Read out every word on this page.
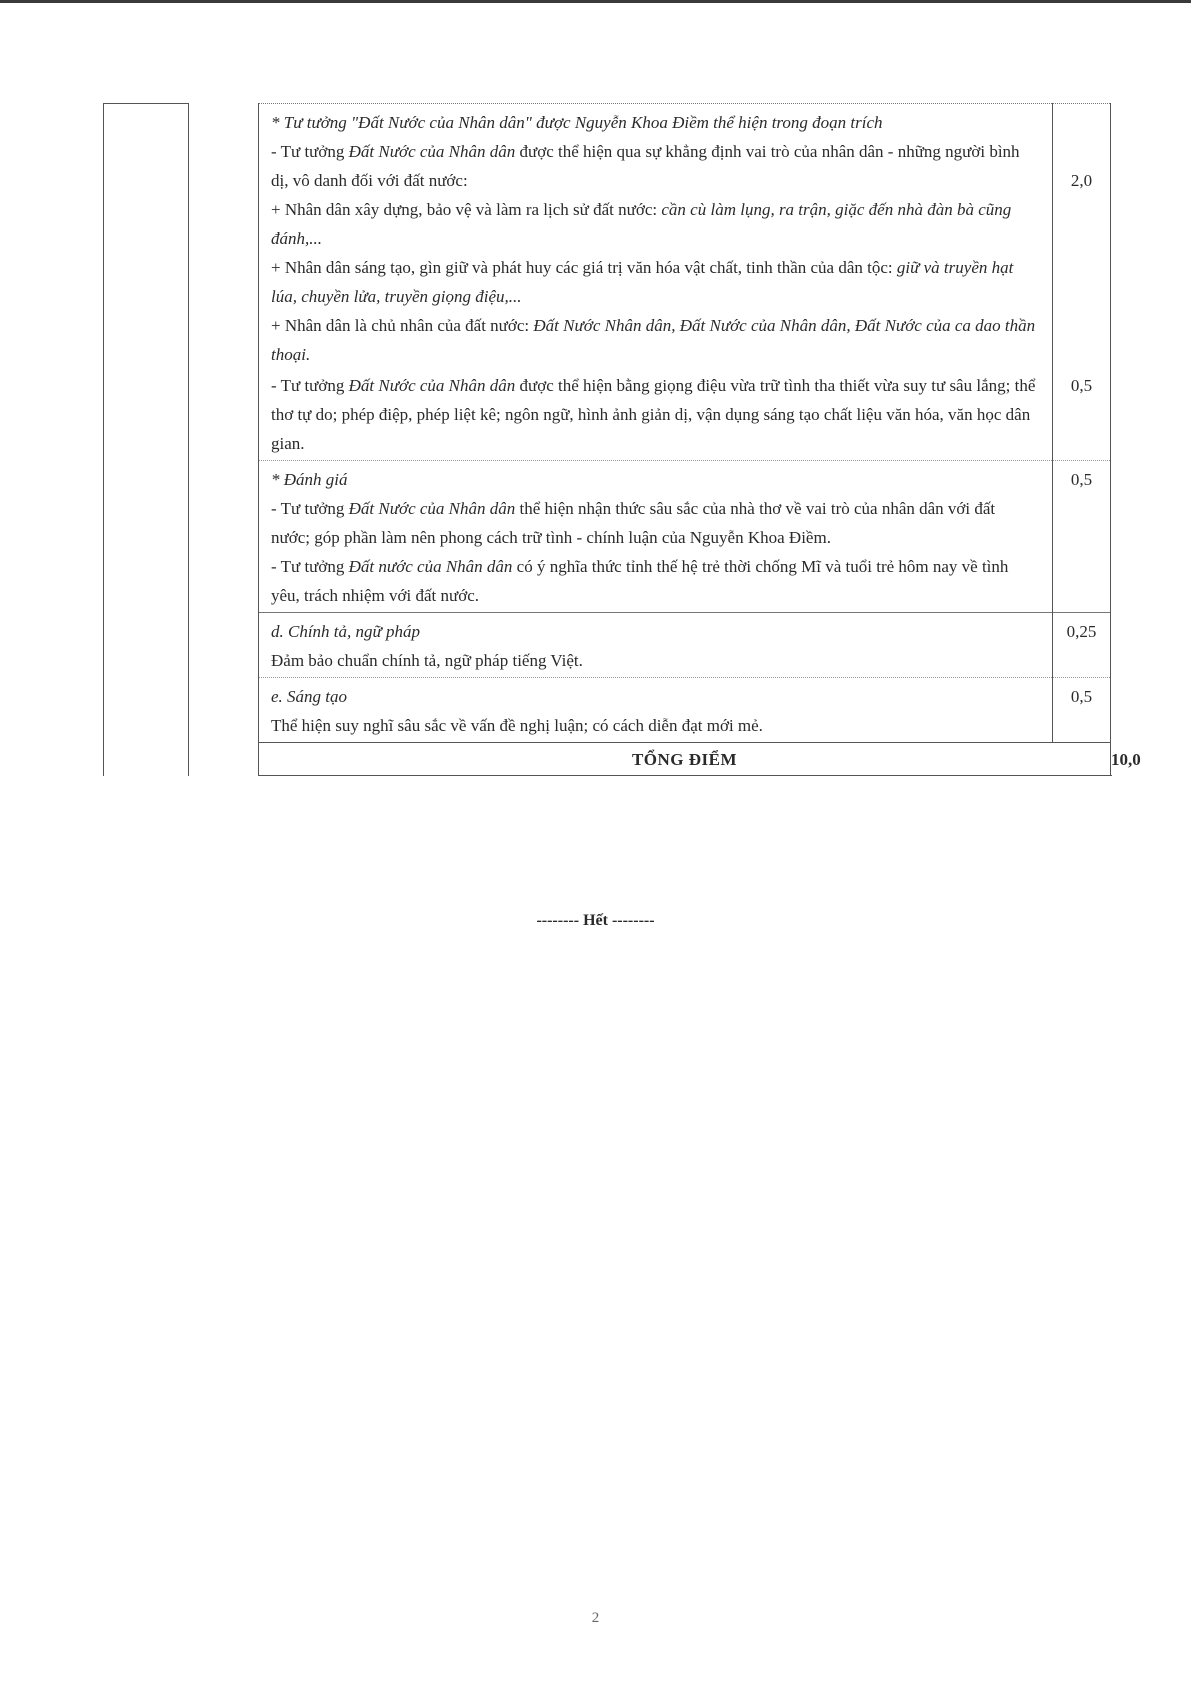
		* Tư tưởng "Đất Nước của Nhân dân" được Nguyễn Khoa Điềm thể hiện trong đoạn trích
- Tư tưởng Đất Nước của Nhân dân được thể hiện qua sự khẳng định vai trò của nhân dân - những người bình dị, vô danh đối với đất nước:
+ Nhân dân xây dựng, bảo vệ và làm ra lịch sử đất nước: cần cù làm lụng, ra trận, giặc đến nhà đàn bà cũng đánh,...
+ Nhân dân sáng tạo, gìn giữ và phát huy các giá trị văn hóa vật chất, tinh thần của dân tộc: giữ và truyền hạt lúa, chuyền lửa, truyền giọng điệu,...
+ Nhân dân là chủ nhân của đất nước: Đất Nước Nhân dân, Đất Nước của Nhân dân, Đất Nước của ca dao thần thoại.	2,0	

		- Tư tưởng Đất Nước của Nhân dân được thể hiện bằng giọng điệu vừa trữ tình tha thiết vừa suy tư sâu lắng; thể thơ tự do; phép điệp, phép liệt kê; ngôn ngữ, hình ảnh giản dị, vận dụng sáng tạo chất liệu văn hóa, văn học dân gian.	0,5	

		* Đánh giá
- Tư tưởng Đất Nước của Nhân dân thể hiện nhận thức sâu sắc của nhà thơ về vai trò của nhân dân với đất nước; góp phần làm nên phong cách trữ tình - chính luận của Nguyễn Khoa Điềm.
- Tư tưởng Đất nước của Nhân dân có ý nghĩa thức tỉnh thế hệ trẻ thời chống Mĩ và tuổi trẻ hôm nay về tình yêu, trách nhiệm với đất nước.	0,5	

		d. Chính tả, ngữ pháp
Đảm bảo chuẩn chính tả, ngữ pháp tiếng Việt.	0,25	

		e. Sáng tạo
Thể hiện suy nghĩ sâu sắc về vấn đề nghị luận; có cách diễn đạt mới mẻ.	0,5	

		TỔNG ĐIỂM		10,0
-------- Hết --------
2
